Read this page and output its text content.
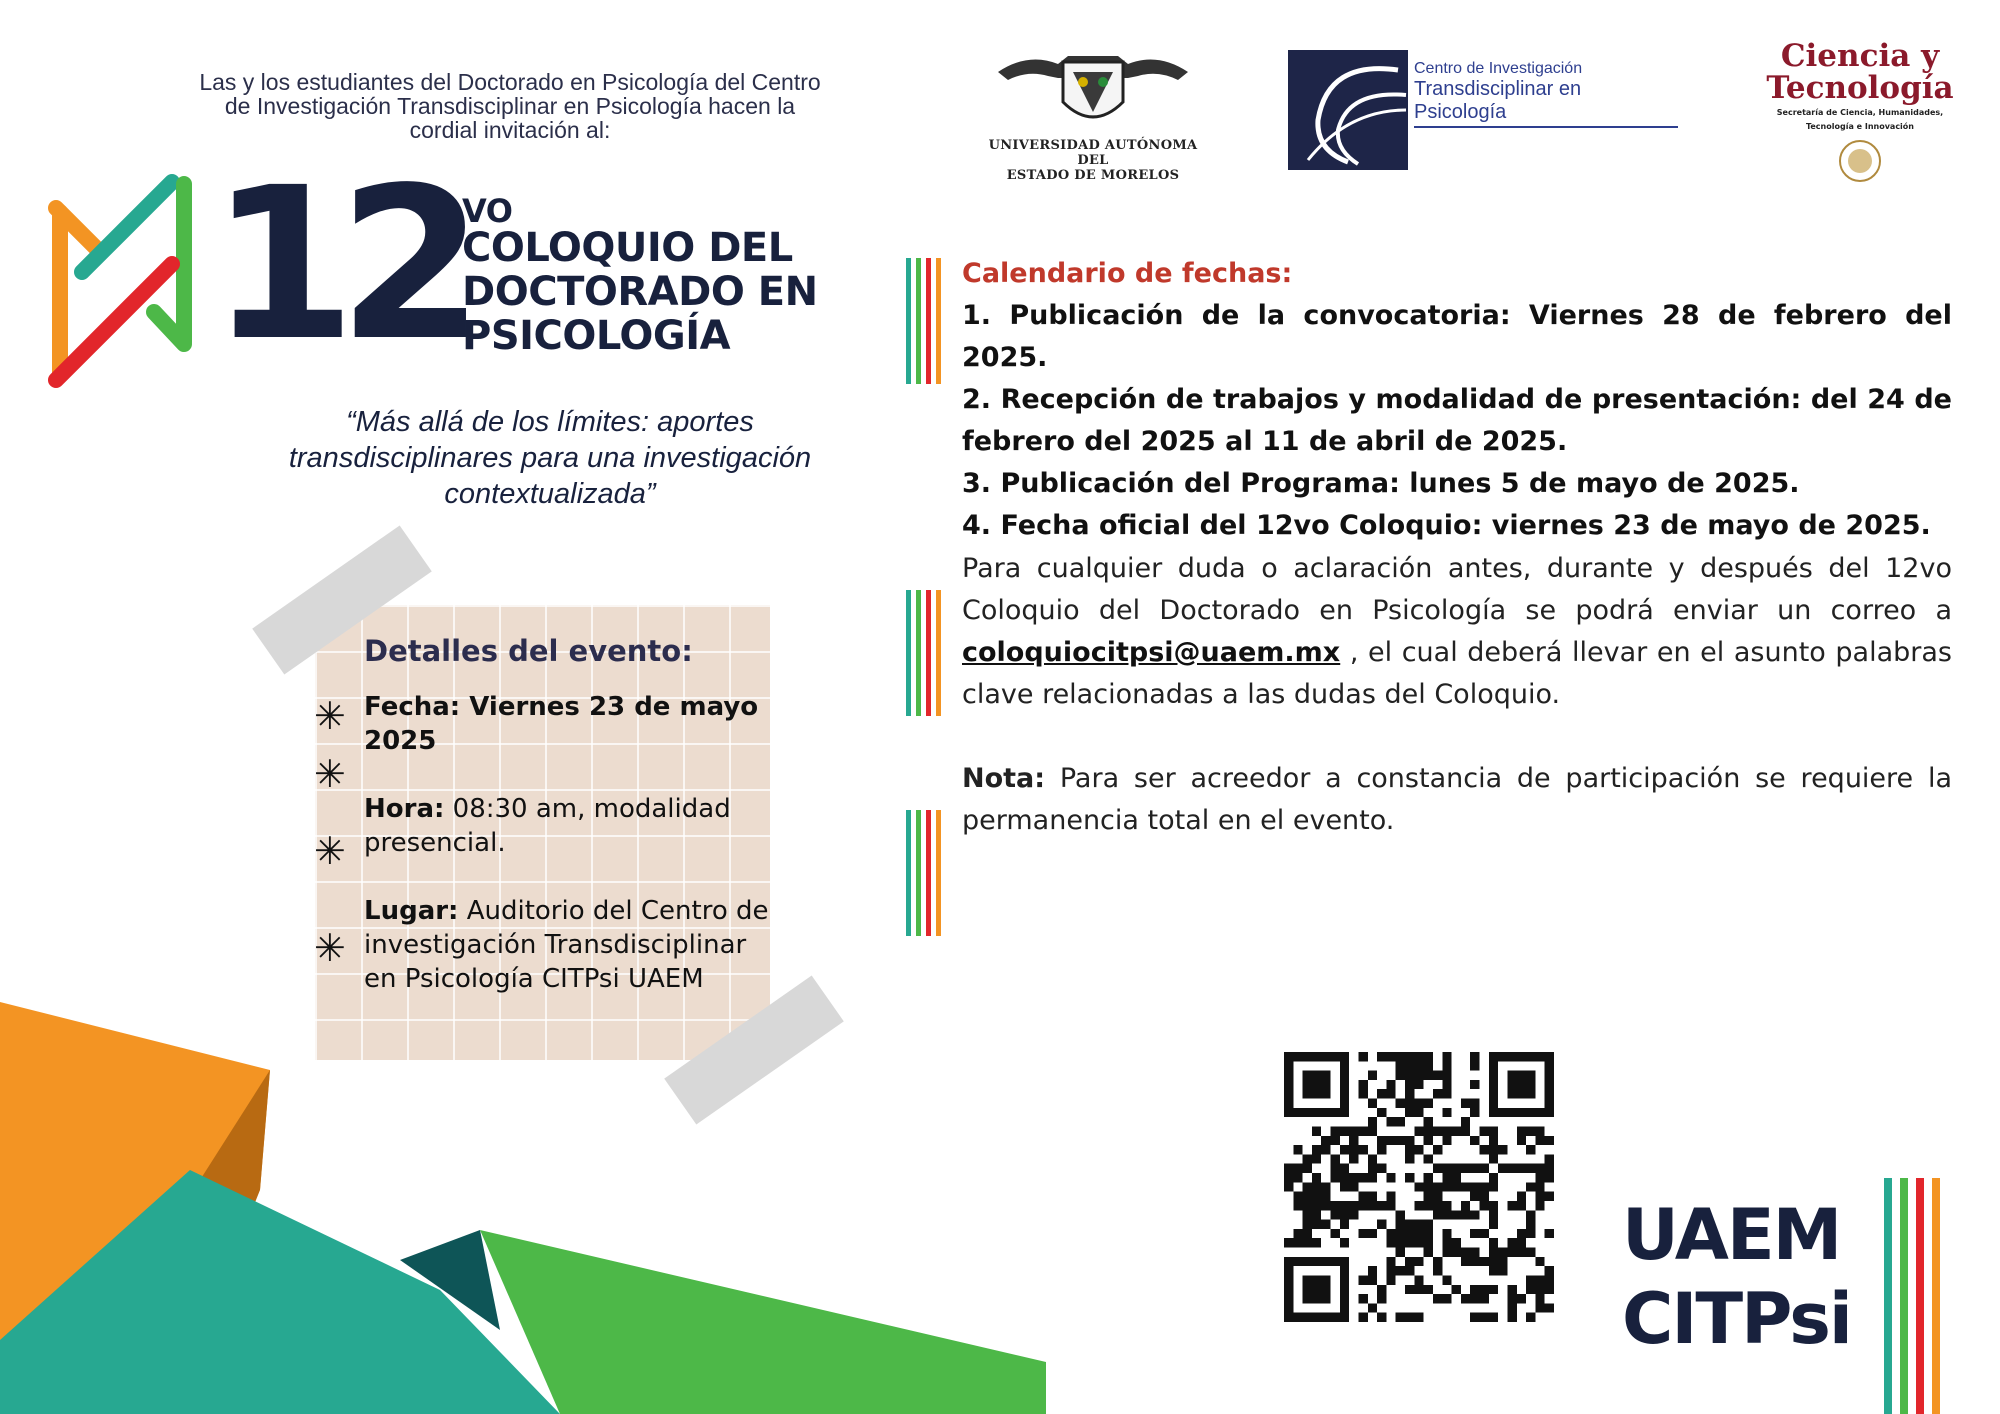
Las y los estudiantes del Doctorado en Psicología del Centro
de Investigación Transdisciplinar en Psicología hacen la
cordial invitación al:
UNIVERSIDAD AUTÓNOMA DEL
ESTADO DE MORELOS
Centro de Investigación
Transdisciplinar en Psicología
Ciencia y
Tecnología
Secretaría de Ciencia, Humanidades,
Tecnología e Innovación
12
VO
COLOQUIO DEL
DOCTORADO EN
PSICOLOGÍA
“Más allá de los límites: aportes
transdisciplinares para una investigación
contextualizada”
✳
✳
✳
✳
Detalles del evento:

Fecha: Viernes 23 de mayo 2025

Hora: 08:30 am, modalidad presencial.

Lugar: Auditorio del Centro de investigación Transdisciplinar en Psicología CITPsi UAEM

Calendario de fechas:
1. Publicación de la convocatoria: Viernes 28 de febrero del 2025.
2. Recepción de trabajos y modalidad de presentación: del 24 de febrero del 2025 al 11 de abril de 2025.
3. Publicación del Programa: lunes 5 de mayo de 2025.
4. Fecha oficial del 12vo Coloquio: viernes 23 de mayo de 2025.
Para cualquier duda o aclaración antes, durante y después del 12vo Coloquio del Doctorado en Psicología se podrá enviar un correo a coloquiocitpsi@uaem.mx , el cual deberá llevar en el asunto palabras clave relacionadas a las dudas del Coloquio.
Nota: Para ser acreedor a constancia de participación se requiere la permanencia total en el evento.
UAEM
CITPsi
